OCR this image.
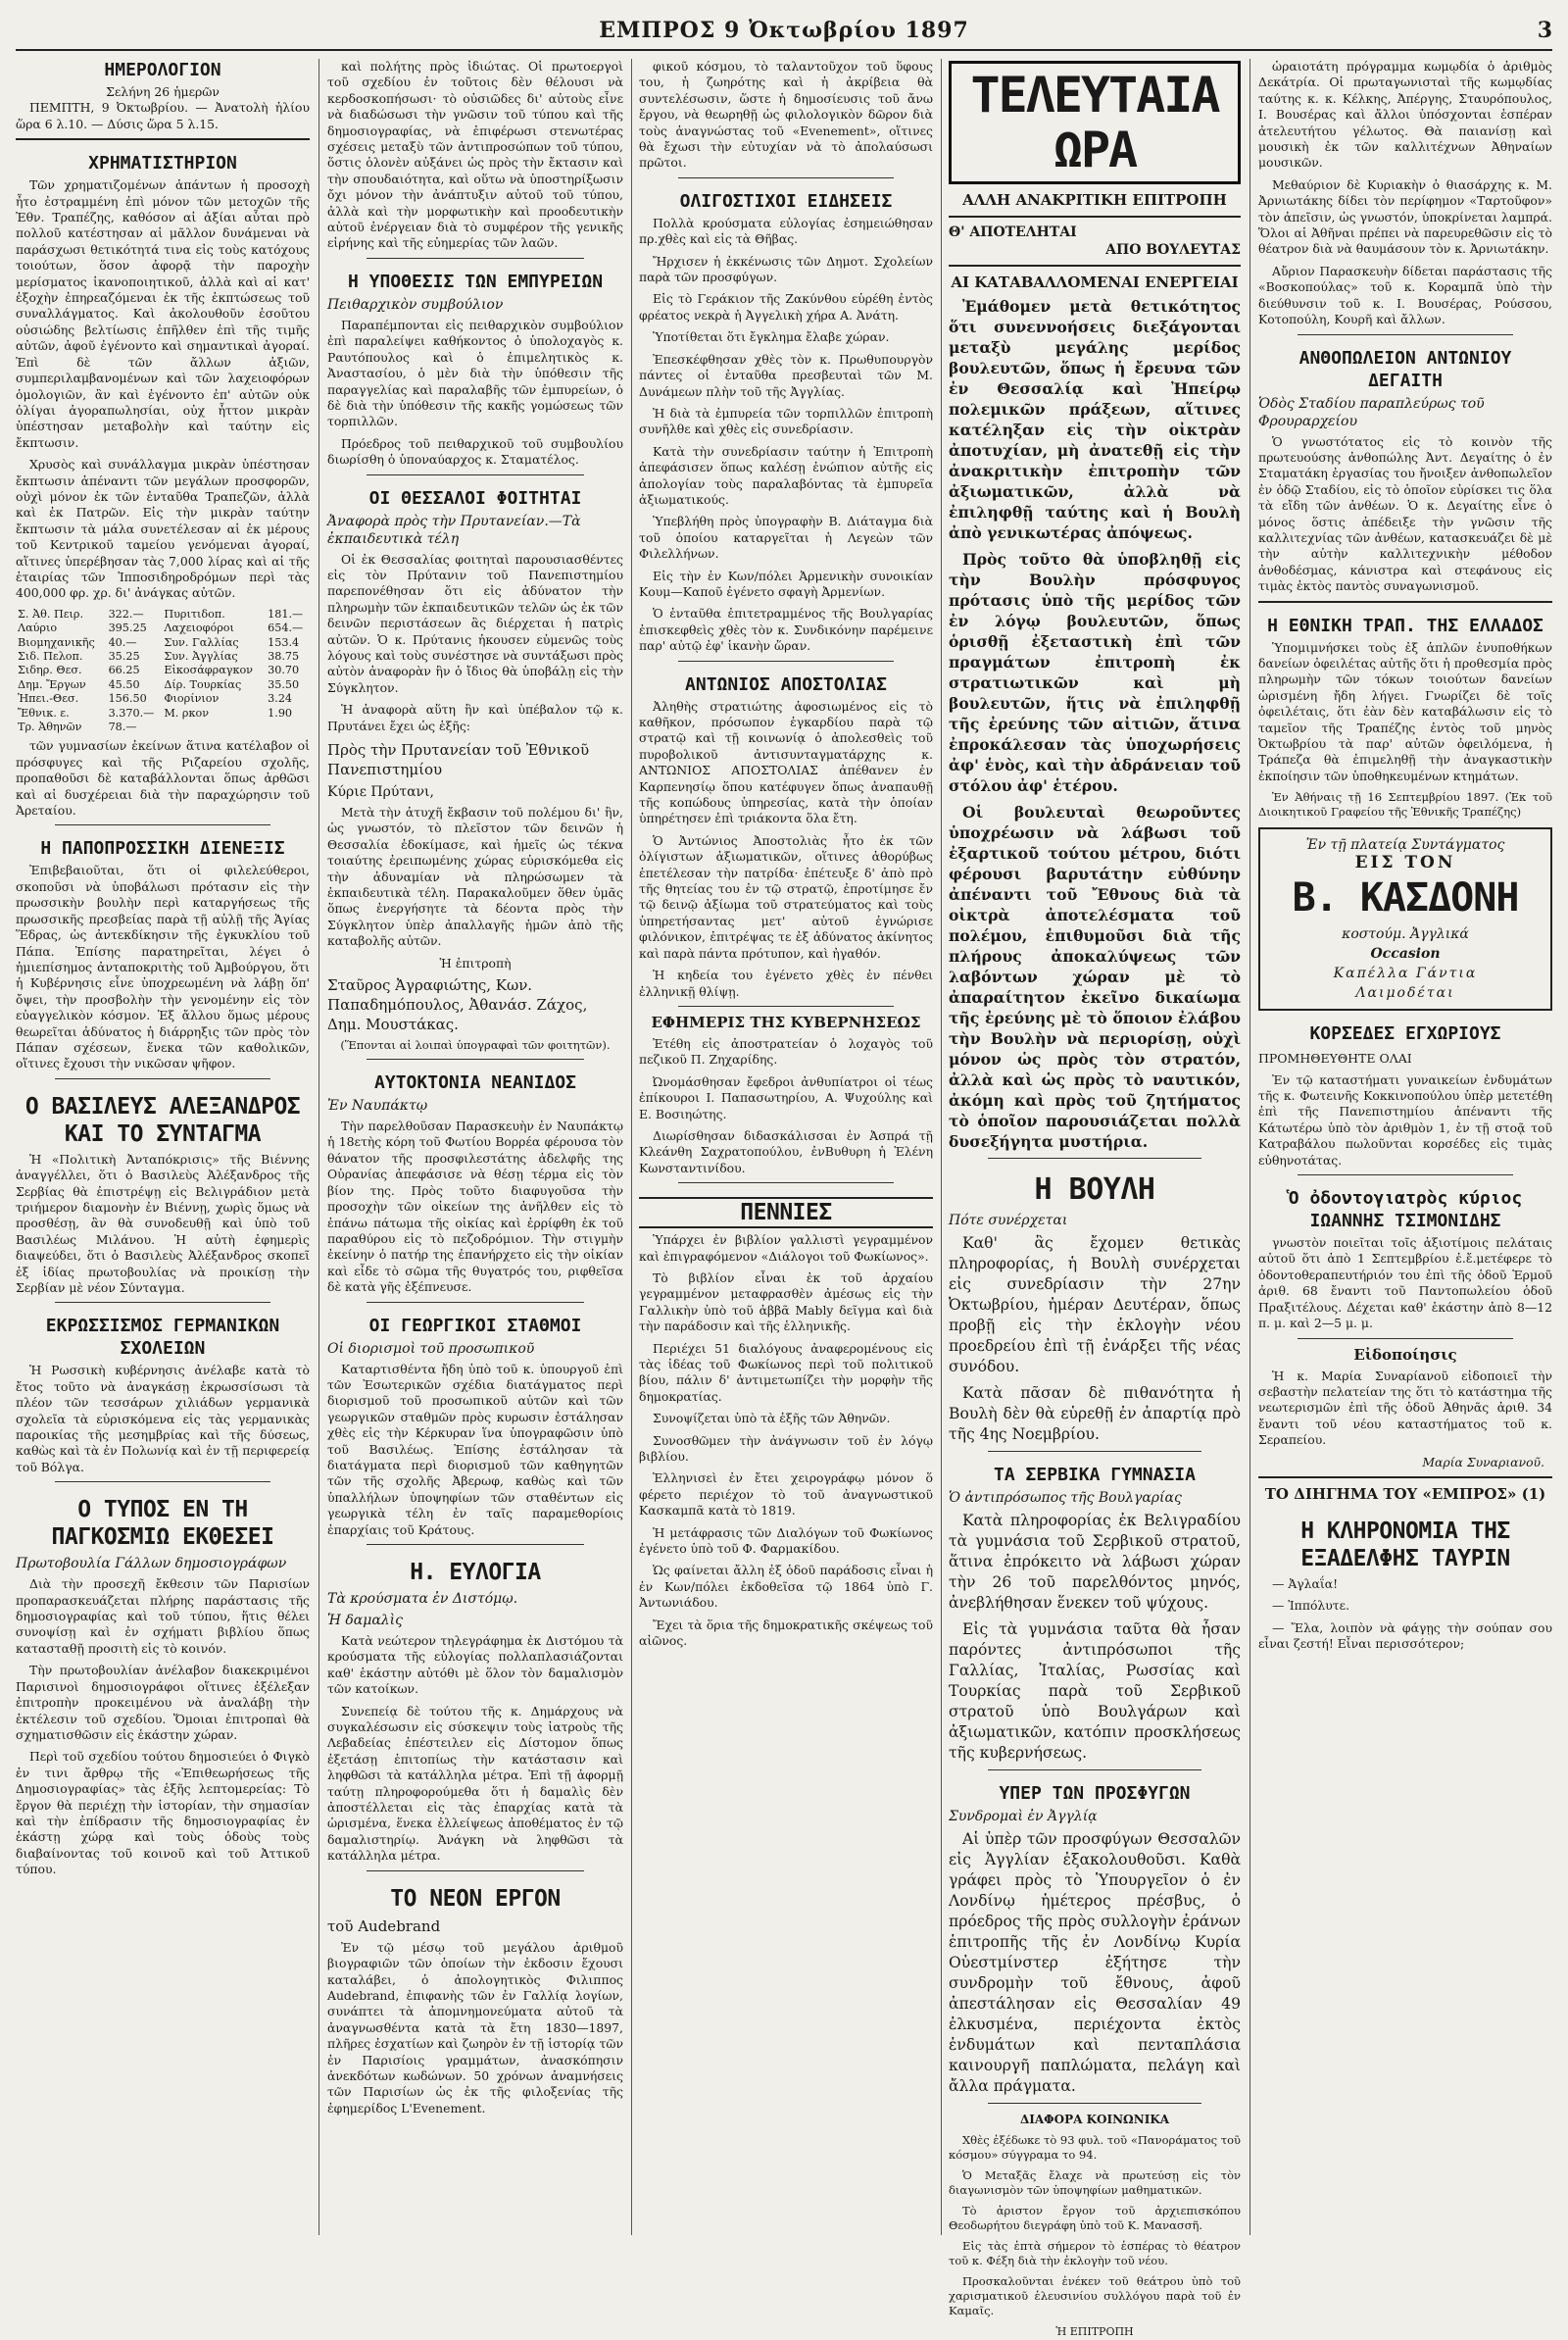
ΕΜΠΡΟΣ 9 Ὀκτωβρίου 1897	3
ΗΜΕΡΟΛΟΓΙΟΝ
Σελήνη 26 ἡμερῶν

ΠΕΜΠΤΗ, 9 Ὀκτωβρίου. — Ἀνατολὴ ἡλίου ὥρα 6 λ.10. — Δύσις ὥρα 5 λ.15.

ΧΡΗΜΑΤΙΣΤΗΡΙΟΝ

Τῶν χρηματιζομένων ἁπάντων ἡ προσοχὴ ἦτο ἐστραμμένη ἐπὶ μόνον τῶν μετοχῶν τῆς Ἐθν. Τραπέζης, καθόσον αἱ ἀξίαι αὗται πρὸ πολλοῦ κατέστησαν αἱ μᾶλλον δυνάμεναι νὰ παράσχωσι θετικότητά τινα εἰς τοὺς κατόχους τοιούτων, ὅσον ἀφορᾷ τὴν παροχὴν μερίσματος ἱκανοποιητικοῦ, ἀλλὰ καὶ αἱ κατ' ἐξοχὴν ἐπηρεαζόμεναι ἐκ τῆς ἐκπτώσεως τοῦ συναλλάγματος. Καὶ ἀκολουθοῦν ἐσοῦτου οὐσιώδης βελτίωσις ἐπῆλθεν ἐπὶ τῆς τιμῆς αὐτῶν, ἀφοῦ ἐγένοντο καὶ σημαντικαὶ ἀγοραί. Ἐπὶ δὲ τῶν ἄλλων ἀξιῶν, συμπεριλαμβανομένων καὶ τῶν λαχειοφόρων ὁμολογιῶν, ἂν καὶ ἐγένοντο ἐπ' αὐτῶν οὐκ ὀλίγαι ἀγοραπωλησίαι, οὐχ ἧττον μικρὰν ὑπέστησαν μεταβολὴν καὶ ταύτην εἰς ἔκπτωσιν.

Χρυσὸς καὶ συνάλλαγμα μικρὰν ὑπέστησαν ἔκπτωσιν ἀπέναντι τῶν μεγάλων προσφορῶν, οὐχὶ μόνον ἐκ τῶν ἐνταῦθα Τραπεζῶν, ἀλλὰ καὶ ἐκ Πατρῶν. Εἰς τὴν μικρὰν ταύτην ἔκπτωσιν τὰ μάλα συνετέλεσαν αἱ ἐκ μέρους τοῦ Κεντρικοῦ ταμείου γενόμεναι ἀγοραί, αἵτινες ὑπερέβησαν τὰς 7,000 λίρας καὶ αἱ τῆς ἑταιρίας τῶν Ἱπποσιδηροδρόμων περὶ τὰς 400,000 φρ. χρ. δι' ἀνάγκας αὐτῶν.

Σ. Ἀθ. Πειρ.	322.—	Πυριτιδοπ.	181.—
Λαύριο	395.25	Λαχειοφόροι	654.—
Βιομηχανικῆς	40.—	Συν. Γαλλίας	153.4
Σιδ. Πελοπ.	35.25	Συν. Ἀγγλίας	38.75
Σιδηρ. Θεσ.	66.25	Εἰκοσάφραγκον	30.70
Δημ. Ἔργων	45.50	Δίρ. Τουρκίας	35.50
Ἠπει.-Θεσ.	156.50	Φιορίνιον	3.24
Ἔθνικ. ε.	3.370.—	Μ. ρκον	1.90
Τρ. Ἀθηνῶν	78.—		

τῶν γυμνασίων ἐκείνων ἅτινα κατέλαβον οἱ πρόσφυγες καὶ τῆς Ριζαρείου σχολῆς, προπαθοῦσι δὲ καταβάλλονται ὅπως ἀρθῶσι καὶ αἱ δυσχέρειαι διὰ τὴν παραχώρησιν τοῦ Ἀρεταίου.

Η ΠΑΠΟΠΡΟΣΣΙΚΗ ΔΙΕΝΕΞΙΣ

Ἐπιβεβαιοῦται, ὅτι οἱ φιλελεύθεροι, σκοποῦσι νὰ ὑποβάλωσι πρότασιν εἰς τὴν πρωσσικὴν βουλὴν περὶ καταργήσεως τῆς πρωσσικῆς πρεσβείας παρὰ τῇ αὐλῇ τῆς Ἁγίας Ἕδρας, ὡς ἀντεκδίκησιν τῆς ἐγκυκλίου τοῦ Πάπα. Ἐπίσης παρατηρεῖται, λέγει ὁ ἡμιεπίσημος ἀνταποκριτὴς τοῦ Ἀμβούργου, ὅτι ἡ Κυβέρνησις εἶνε ὑποχρεωμένη νὰ λάβῃ ὅπ' ὄψει, τὴν προσβολὴν τὴν γενομένην εἰς τὸν εὐαγγελικὸν κόσμον. Ἐξ ἄλλου ὅμως μέρους θεωρεῖται ἀδύνατος ἡ διάρρηξις τῶν πρὸς τὸν Πάπαν σχέσεων, ἕνεκα τῶν καθολικῶν, οἵτινες ἔχουσι τὴν νικῶσαν ψῆφον.

Ο ΒΑΣΙΛΕΥΣ ΑΛΕΞΑΝΔΡΟΣ ΚΑΙ ΤΟ ΣΥΝΤΑΓΜΑ

Ἡ «Πολιτικὴ Ἀνταπόκρισις» τῆς Βιέννης ἀναγγέλλει, ὅτι ὁ Βασιλεὺς Ἀλέξανδρος τῆς Σερβίας θὰ ἐπιστρέψῃ εἰς Βελιγράδιον μετὰ τριήμερον διαμονὴν ἐν Βιέννῃ, χωρὶς ὅμως νὰ προσθέσῃ, ἂν θὰ συνοδευθῇ καὶ ὑπὸ τοῦ Βασιλέως Μιλάνου. Ἡ αὐτὴ ἐφημερὶς διαψεύδει, ὅτι ὁ Βασιλεὺς Ἀλέξανδρος σκοπεῖ ἐξ ἰδίας πρωτοβουλίας νὰ προικίσῃ τὴν Σερβίαν μὲ νέον Σύνταγμα.

ΕΚΡΩΣΣΙΣΜΟΣ ΓΕΡΜΑΝΙΚΩΝ ΣΧΟΛΕΙΩΝ

Ἡ Ρωσσικὴ κυβέρνησις ἀνέλαβε κατὰ τὸ ἔτος τοῦτο νὰ ἀναγκάσῃ ἐκρωσσίσωσι τὰ πλέον τῶν τεσσάρων χιλιάδων γερμανικὰ σχολεῖα τὰ εὑρισκόμενα εἰς τὰς γερμανικὰς παροικίας τῆς μεσημβρίας καὶ τῆς δύσεως, καθὼς καὶ τὰ ἐν Πολωνίᾳ καὶ ἐν τῇ περιφερείᾳ τοῦ Βόλγα.

Ο ΤΥΠΟΣ ΕΝ ΤΗ ΠΑΓΚΟΣΜΙΩ ΕΚΘΕΣΕΙ
Πρωτοβουλία Γάλλων δημοσιογράφων

Διὰ τὴν προσεχῆ ἔκθεσιν τῶν Παρισίων προπαρασκευάζεται πλήρης παράστασις τῆς δημοσιογραφίας καὶ τοῦ τύπου, ἥτις θέλει συνοψίσῃ καὶ ἐν σχήματι βιβλίου ὅπως κατασταθῇ προσιτὴ εἰς τὸ κοινόν.

Τὴν πρωτοβουλίαν ἀνέλαβον διακεκριμένοι Παρισινοὶ δημοσιογράφοι οἵτινες ἐξέλεξαν ἐπιτροπὴν προκειμένου νὰ ἀναλάβῃ τὴν ἐκτέλεσιν τοῦ σχεδίου. Ὅμοιαι ἐπιτροπαὶ θὰ σχηματισθῶσιν εἰς ἑκάστην χώραν.

Περὶ τοῦ σχεδίου τούτου δημοσιεύει ὁ Φιγκὸ ἐν τινι ἄρθρῳ τῆς «Ἐπιθεωρήσεως τῆς Δημοσιογραφίας» τὰς ἑξῆς λεπτομερείας: Τὸ ἔργον θὰ περιέχῃ τὴν ἱστορίαν, τὴν σημασίαν καὶ τὴν ἐπίδρασιν τῆς δημοσιογραφίας ἐν ἑκάστῃ χώρᾳ καὶ τοὺς ὁδοὺς τοὺς διαβαίνοντας τοῦ κοινοῦ καὶ τοῦ Ἀττικοῦ τύπου.

καὶ πολήτης πρὸς ἰδιώτας. Οἱ πρωτοεργοὶ τοῦ σχεδίου ἐν τοῦτοις δὲν θέλουσι νὰ κερδοσκοπήσωσι· τὸ οὐσιῶδες δι' αὐτοὺς εἶνε νὰ διαδώσωσι τὴν γνῶσιν τοῦ τύπου καὶ τῆς δημοσιογραφίας, νὰ ἐπιφέρωσι στενωτέρας σχέσεις μεταξὺ τῶν ἀντιπροσώπων τοῦ τύπου, ὅστις ὁλονὲν αὐξάνει ὡς πρὸς τὴν ἔκτασιν καὶ τὴν σπουδαιότητα, καὶ οὕτω νὰ ὑποστηρίξωσιν ὄχι μόνον τὴν ἀνάπτυξιν αὐτοῦ τοῦ τύπου, ἀλλὰ καὶ τὴν μορφωτικὴν καὶ προοδευτικὴν αὐτοῦ ἐνέργειαν διὰ τὸ συμφέρον τῆς γενικῆς εἰρήνης καὶ τῆς εὐημερίας τῶν λαῶν.

Η ΥΠΟΘΕΣΙΣ ΤΩΝ ΕΜΠΥΡΕΙΩΝ
Πειθαρχικὸν συμβούλιον

Παραπέμπονται εἰς πειθαρχικὸν συμβούλιον ἐπὶ παραλείψει καθήκοντος ὁ ὑπολοχαγὸς κ. Ραυτόπουλος καὶ ὁ ἐπιμελητικὸς κ. Ἀναστασίου, ὁ μὲν διὰ τὴν ὑπόθεσιν τῆς παραγγελίας καὶ παραλαβῆς τῶν ἐμπυρείων, ὁ δὲ διὰ τὴν ὑπόθεσιν τῆς κακῆς γομώσεως τῶν τορπιλλῶν.

Πρόεδρος τοῦ πειθαρχικοῦ τοῦ συμβουλίου διωρίσθη ὁ ὑποναύαρχος κ. Σταματέλος.

ΟΙ ΘΕΣΣΑΛΟΙ ΦΟΙΤΗΤΑΙ
Ἀναφορὰ πρὸς τὴν Πρυτανείαν.—Τὰ ἐκπαιδευτικὰ τέλη

Οἱ ἐκ Θεσσαλίας φοιτηταὶ παρουσιασθέντες εἰς τὸν Πρύτανιν τοῦ Πανεπιστημίου παρεπονέθησαν ὅτι εἰς ἀδύνατον τὴν πληρωμὴν τῶν ἐκπαιδευτικῶν τελῶν ὡς ἐκ τῶν δεινῶν περιστάσεων ἃς διέρχεται ἡ πατρὶς αὐτῶν. Ὁ κ. Πρύτανις ἠκουσεν εὐμενῶς τοὺς λόγους καὶ τοὺς συνέστησε νὰ συντάξωσι πρὸς αὐτὸν ἀναφορὰν ἣν ὁ ἴδιος θὰ ὑποβάλῃ εἰς τὴν Σύγκλητον.

Ἡ ἀναφορὰ αὕτη ἣν καὶ ὑπέβαλον τῷ κ. Πρυτάνει ἔχει ὡς ἑξῆς:

Πρὸς τὴν Πρυτανείαν τοῦ Ἐθνικοῦ Πανεπιστημίου
Κύριε Πρύτανι,

Μετὰ τὴν ἀτυχῆ ἔκβασιν τοῦ πολέμου δι' ἣν, ὡς γνωστόν, τὸ πλεῖστον τῶν δεινῶν ἡ Θεσσαλία ἐδοκίμασε, καὶ ἡμεῖς ὡς τέκνα τοιαύτης ἐρειπωμένης χώρας εὑρισκόμεθα εἰς τὴν ἀδυναμίαν νὰ πληρώσωμεν τὰ ἐκπαιδευτικὰ τέλη. Παρακαλοῦμεν ὅθεν ὑμᾶς ὅπως ἐνεργήσητε τὰ δέοντα πρὸς τὴν Σύγκλητον ὑπὲρ ἀπαλλαγῆς ἡμῶν ἀπὸ τῆς καταβολῆς αὐτῶν.

Ἡ ἐπιτροπὴ
Σταῦρος Ἀγραφιώτης, Κων. Παπαδημόπουλος, Ἀθανάσ. Ζάχος, Δημ. Μουστάκας.
(Ἕπονται αἱ λοιπαὶ ὑπογραφαὶ τῶν φοιτητῶν).
ΑΥΤΟΚΤΟΝΙΑ ΝΕΑΝΙΔΟΣ
Ἐν Ναυπάκτῳ

Τὴν παρελθοῦσαν Παρασκευὴν ἐν Ναυπάκτῳ ἡ 18ετὴς κόρη τοῦ Φωτίου Βορρέα φέρουσα τὸν θάνατον τῆς προσφιλεστάτης ἀδελφῆς της Οὐρανίας ἀπεφάσισε νὰ θέσῃ τέρμα εἰς τὸν βίον της. Πρὸς τοῦτο διαφυγοῦσα τὴν προσοχὴν τῶν οἰκείων της ἀνῆλθεν εἰς τὸ ἐπάνω πάτωμα τῆς οἰκίας καὶ ἐρρίφθη ἐκ τοῦ παραθύρου εἰς τὸ πεζοδρόμιον. Τὴν στιγμὴν ἐκείνην ὁ πατήρ της ἐπανήρχετο εἰς τὴν οἰκίαν καὶ εἶδε τὸ σῶμα τῆς θυγατρός του, ριφθεῖσα δὲ κατὰ γῆς ἐξέπνευσε.

ΟΙ ΓΕΩΡΓΙΚΟΙ ΣΤΑΘΜΟΙ
Οἱ διορισμοὶ τοῦ προσωπικοῦ

Καταρτισθέντα ἤδη ὑπὸ τοῦ κ. ὑπουργοῦ ἐπὶ τῶν Ἐσωτερικῶν σχέδια διατάγματος περὶ διορισμοῦ τοῦ προσωπικοῦ αὐτῶν καὶ τῶν γεωργικῶν σταθμῶν πρὸς κυρωσιν ἐστάλησαν χθὲς εἰς τὴν Κέρκυραν ἵνα ὑπογραφῶσιν ὑπὸ τοῦ Βασιλέως. Ἐπίσης ἐστάλησαν τὰ διατάγματα περὶ διορισμοῦ τῶν καθηγητῶν τῶν τῆς σχολῆς Ἀβερωφ, καθὼς καὶ τῶν ὑπαλλήλων ὑποψηφίων τῶν σταθέντων εἰς γεωργικὰ τέλη ἐν ταῖς παραμεθορίοις ἐπαρχίαις τοῦ Κράτους.

Η. ΕΥΛΟΓΙΑ
Τὰ κρούσματα ἐν Διστόμῳ.
Ἡ δαμαλὶς

Κατὰ νεώτερον τηλεγράφημα ἐκ Διστόμου τὰ κρούσματα τῆς εὐλογίας πολλαπλασιάζονται καθ' ἑκάστην αὐτόθι μὲ ὅλον τὸν δαμαλισμὸν τῶν κατοίκων.

Συνεπείᾳ δὲ τούτου τῆς κ. Δημάρχους νὰ συγκαλέσωσιν εἰς σύσκεψιν τοὺς ἰατροὺς τῆς Λεβαδείας ἐπέστειλεν εἰς Δίστομον ὅπως ἐξετάσῃ ἐπιτοπίως τὴν κατάστασιν καὶ ληφθῶσι τὰ κατάλληλα μέτρα. Ἐπὶ τῇ ἀφορμῇ ταύτῃ πληροφορούμεθα ὅτι ἡ δαμαλὶς δὲν ἀποστέλλεται εἰς τὰς ἐπαρχίας κατὰ τὰ ὡρισμένα, ἕνεκα ἐλλείψεως ἀποθέματος ἐν τῷ δαμαλιστηρίῳ. Ἀνάγκη νὰ ληφθῶσι τὰ κατάλληλα μέτρα.

ΤΟ ΝΕΟΝ ΕΡΓΟΝ
τοῦ Audebrand

Ἐν τῷ μέσῳ τοῦ μεγάλου ἀριθμοῦ βιογραφιῶν τῶν ὁποίων τὴν ἐκδοσιν ἔχουσι καταλάβει, ὁ ἀπολογητικὸς Φιλιππος Audebrand, ἐπιφανὴς τῶν ἐν Γαλλίᾳ λογίων, συνάπτει τὰ ἀπομνημονεύματα αὐτοῦ τὰ ἀναγνωσθέντα κατὰ τὰ ἔτη 1830—1897, πλῆρες ἐσχατίων καὶ ζωηρὸν ἐν τῇ ἱστορίᾳ τῶν ἐν Παρισίοις γραμμάτων, ἀνασκόπησιν ἀνεκδότων κωδώνων. 50 χρόνων ἀναμνήσεις τῶν Παρισίων ὡς ἐκ τῆς φιλοξενίας τῆς ἐφημερίδος L'Evenement.

φικοῦ κόσμου, τὸ ταλαντοῦχον τοῦ ὕφους του, ἡ ζωηρότης καὶ ἡ ἀκρίβεια θὰ συντελέσωσιν, ὥστε ἡ δημοσίευσις τοῦ ἄνω ἔργου, νὰ θεωρηθῇ ὡς φιλολογικὸν δῶρον διὰ τοὺς ἀναγνώστας τοῦ «Evenement», οἵτινες θὰ ἔχωσι τὴν εὐτυχίαν νὰ τὸ ἀπολαύσωσι πρῶτοι.

ΟΛΙΓΟΣΤΙΧΟΙ ΕΙΔΗΣΕΙΣ

Πολλὰ κρούσματα εὐλογίας ἐσημειώθησαν πρ.χθὲς καὶ εἰς τὰ Θῆβας.

Ἤρχισεν ἡ ἐκκένωσις τῶν Δημοτ. Σχολείων παρὰ τῶν προσφύγων.

Εἰς τὸ Γεράκιον τῆς Ζακύνθου εὑρέθη ἐντὸς φρέατος νεκρὰ ἡ Ἀγγελικὴ χήρα Α. Ἀνάτη.

Ὑποτίθεται ὅτι ἔγκλημα ἔλαβε χώραν.

Ἐπεσκέφθησαν χθὲς τὸν κ. Πρωθυπουργὸν πάντες οἱ ἐνταῦθα πρεσβευταὶ τῶν Μ. Δυνάμεων πλὴν τοῦ τῆς Ἀγγλίας.

Ἡ διὰ τὰ ἐμπυρεία τῶν τορπιλλῶν ἐπιτροπὴ συνῆλθε καὶ χθὲς εἰς συνεδρίασιν.

Κατὰ τὴν συνεδρίασιν ταύτην ἡ Ἐπιτροπὴ ἀπεφάσισεν ὅπως καλέσῃ ἐνώπιον αὐτῆς εἰς ἀπολογίαν τοὺς παραλαβόντας τὰ ἐμπυρεῖα ἀξιωματικούς.

Ὑπεβλήθη πρὸς ὑπογραφὴν Β. Διάταγμα διὰ τοῦ ὁποίου καταργεῖται ἡ Λεγεὼν τῶν Φιλελλήνων.

Εἰς τὴν ἐν Κων/πόλει Ἀρμενικὴν συνοικίαν Κουμ—Καποῦ ἐγένετο σφαγὴ Ἀρμενίων.

Ὁ ἐνταῦθα ἐπιτετραμμένος τῆς Βουλγαρίας ἐπισκεφθεὶς χθὲς τὸν κ. Συνδικόνην παρέμεινε παρ' αὐτῷ ἐφ' ἱκανὴν ὥραν.

ΑΝΤΩΝΙΟΣ ΑΠΟΣΤΟΛΙΑΣ

Ἀληθὴς στρατιώτης ἀφοσιωμένος εἰς τὸ καθῆκον, πρόσωπον ἐγκαρδίου παρὰ τῷ στρατῷ καὶ τῇ κοινωνίᾳ ὁ ἀπολεσθεὶς τοῦ πυροβολικοῦ ἀντισυνταγματάρχης κ. ΑΝΤΩΝΙΟΣ ΑΠΟΣΤΟΛΙΑΣ ἀπέθανεν ἐν Καρπενησίῳ ὅπου κατέφυγεν ὅπως ἀναπαυθῇ τῆς κοπώδους ὑπηρεσίας, κατὰ τὴν ὁποίαν ὑπηρέτησεν ἐπὶ τριάκοντα ὅλα ἔτη.

Ὁ Ἀντώνιος Ἀποστολιὰς ἦτο ἐκ τῶν ὀλίγιστων ἀξιωματικῶν, οἵτινες ἀθορύβως ἐπετέλεσαν τὴν πατρίδα· ἐπέτευξε δ' ἀπὸ πρὸ τῆς θητείας του ἐν τῷ στρατῷ, ἐπροτίμησε ἔν τῷ δεινῷ ἀξίωμα τοῦ στρατεύματος καὶ τοὺς ὑπηρετήσαντας μετ' αὐτοῦ ἐγνώρισε φιλόνικον, ἐπιτρέψας τε ἐξ ἀδύνατος ἀκίνητος καὶ παρὰ πάντα πρότυπον, καὶ ἠγαθόν.

Ἡ κηδεία του ἐγένετο χθὲς ἐν πένθει ἐλληνικῇ θλίψῃ.

ΕΦΗΜΕΡΙΣ ΤΗΣ ΚΥΒΕΡΝΗΣΕΩΣ

Ἐτέθη εἰς ἀποστρατείαν ὁ λοχαγὸς τοῦ πεζικοῦ Π. Ζηχαρίδης.

Ὠνομάσθησαν ἔφεδροι ἀνθυπίατροι οἱ τέως ἐπίκουροι Ι. Παπασωτηρίου, Α. Ψυχούλης καὶ Ε. Βοσιηώτης.

Διωρίσθησαν διδασκάλισσαι ἐν Ἀσπρά τῇ Κλεάνθη Σαχρατοπούλου, ἐνΒυθυρη ἡ Ἑλένη Κωνσταντινίδου.

ΠΕΝΝΙΕΣ

Ὑπάρχει ἐν βιβλίον γαλλιστὶ γεγραμμένον καὶ ἐπιγραφόμενον «Διάλογοι τοῦ Φωκίωνος».

Τὸ βιβλίον εἶναι ἐκ τοῦ ἀρχαίου γεγραμμένον μεταφρασθὲν ἀμέσως εἰς τὴν Γαλλικὴν ὑπὸ τοῦ ἀββᾶ Mably δεῖγμα καὶ διὰ τὴν παράδοσιν καὶ τῆς ἑλληνικῆς.

Περιέχει 51 διαλόγους ἀναφερομένους εἰς τὰς ἰδέας τοῦ Φωκίωνος περὶ τοῦ πολιτικοῦ βίου, πάλιν δ' ἀντιμετωπίζει τὴν μορφὴν τῆς δημοκρατίας.

Συνοψίζεται ὑπὸ τὰ ἐξῆς τῶν Ἀθηνῶν.

Συνοσθῶμεν τὴν ἀνάγνωσιν τοῦ ἐν λόγῳ βιβλίου.

Ἑλληνισεὶ ἐν ἔτει χειρογράφῳ μόνον ὅ φέρετο περιέχον τὸ τοῦ ἀναγνωστικοῦ Κασκαμπᾶ κατὰ τὸ 1819.

Ἡ μετάφρασις τῶν Διαλόγων τοῦ Φωκίωνος ἐγένετο ὑπὸ τοῦ Φ. Φαρμακίδου.

Ὡς φαίνεται ἄλλη ἐξ ὁδοῦ παράδοσις εἶναι ἡ ἐν Κων/πόλει ἐκδοθεῖσα τῷ 1864 ὑπὸ Γ. Ἀντωνιάδου.

Ἔχει τὰ ὅρια τῆς δημοκρατικῆς σκέψεως τοῦ αἰῶνος.

ΤΕΛΕΥΤΑΙΑ ΩΡΑ
ΑΛΛΗ ΑΝΑΚΡΙΤΙΚΗ ΕΠΙΤΡΟΠΗ
Θ' ΑΠΟΤΕΛΗΤΑΙ
ΑΠΟ ΒΟΥΛΕΥΤΑΣ
ΑΙ ΚΑΤΑΒΑΛΛΟΜΕΝΑΙ ΕΝΕΡΓΕΙΑΙ

Ἐμάθομεν μετὰ θετικότητος ὅτι συνεννοήσεις διεξάγονται μεταξὺ μεγάλης μερίδος βουλευτῶν, ὅπως ἡ ἔρευνα τῶν ἐν Θεσσαλίᾳ καὶ Ἠπείρῳ πολεμικῶν πράξεων, αἵτινες κατέληξαν εἰς τὴν οἰκτρὰν ἀποτυχίαν, μὴ ἀνατεθῇ εἰς τὴν ἀνακριτικὴν ἐπιτροπὴν τῶν ἀξιωματικῶν, ἀλλὰ νὰ ἐπιληφθῇ ταύτης καὶ ἡ Βουλὴ ἀπὸ γενικωτέρας ἀπόψεως.

Πρὸς τοῦτο θὰ ὑποβληθῇ εἰς τὴν Βουλὴν πρόσφυγος πρότασις ὑπὸ τῆς μερίδος τῶν ἐν λόγῳ βουλευτῶν, ὅπως ὁρισθῇ ἐξεταστικὴ ἐπὶ τῶν πραγμάτων ἐπιτροπὴ ἐκ στρατιωτικῶν καὶ μὴ βουλευτῶν, ἥτις νὰ ἐπιληφθῇ τῆς ἐρεύνης τῶν αἰτιῶν, ἅτινα ἐπροκάλεσαν τὰς ὑποχωρήσεις ἀφ' ἑνὸς, καὶ τὴν ἀδράνειαν τοῦ στόλου ἀφ' ἑτέρου.

Οἱ βουλευταὶ θεωροῦντες ὑποχρέωσιν νὰ λάβωσι τοῦ ἐξαρτικοῦ τούτου μέτρου, διότι φέρουσι βαρυτάτην εὐθύνην ἀπέναντι τοῦ Ἔθνους διὰ τὰ οἰκτρὰ ἀποτελέσματα τοῦ πολέμου, ἐπιθυμοῦσι διὰ τῆς πλήρους ἀποκαλύψεως τῶν λαβόντων χώραν μὲ τὸ ἀπαραίτητον ἐκεῖνο δικαίωμα τῆς ἐρεύνης μὲ τὸ ὅποιον ἐλάβου τὴν Βουλὴν νὰ περιορίσῃ, οὐχὶ μόνον ὡς πρὸς τὸν στρατόν, ἀλλὰ καὶ ὡς πρὸς τὸ ναυτικόν, ἀκόμη καὶ πρὸς τοῦ ζητήματος τὸ ὁποῖον παρουσιάζεται πολλὰ δυσεξήγητα μυστήρια.

Η ΒΟΥΛΗ
Πότε συνέρχεται

Καθ' ἃς ἔχομεν θετικὰς πληροφορίας, ἡ Βουλὴ συνέρχεται εἰς συνεδρίασιν τὴν 27ην Ὀκτωβρίου, ἡμέραν Δευτέραν, ὅπως προβῇ εἰς τὴν ἐκλογὴν νέου προεδρείου ἐπὶ τῇ ἐνάρξει τῆς νέας συνόδου.

Κατὰ πᾶσαν δὲ πιθανότητα ἡ Βουλὴ δὲν θὰ εὑρεθῇ ἐν ἀπαρτίᾳ πρὸ τῆς 4ης Νοεμβρίου.

ΤΑ ΣΕΡΒΙΚΑ ΓΥΜΝΑΣΙΑ
Ὁ ἀντιπρόσωπος τῆς Βουλγαρίας

Κατὰ πληροφορίας ἐκ Βελιγραδίου τὰ γυμνάσια τοῦ Σερβικοῦ στρατοῦ, ἅτινα ἐπρόκειτο νὰ λάβωσι χώραν τὴν 26 τοῦ παρελθόντος μηνός, ἀνεβλήθησαν ἕνεκεν τοῦ ψύχους.

Εἰς τὰ γυμνάσια ταῦτα θὰ ἦσαν παρόντες ἀντιπρόσωποι τῆς Γαλλίας, Ἰταλίας, Ρωσσίας καὶ Τουρκίας παρὰ τοῦ Σερβικοῦ στρατοῦ ὑπὸ Βουλγάρων καὶ ἀξιωματικῶν, κατόπιν προσκλήσεως τῆς κυβερνήσεως.

ΥΠΕΡ ΤΩΝ ΠΡΟΣΦΥΓΩΝ
Συνδρομαὶ ἐν Ἀγγλίᾳ

Αἱ ὑπὲρ τῶν προσφύγων Θεσσαλῶν εἰς Ἀγγλίαν ἐξακολουθοῦσι. Καθὰ γράφει πρὸς τὸ Ὑπουργεῖον ὁ ἐν Λονδίνῳ ἡμέτερος πρέσβυς, ὁ πρόεδρος τῆς πρὸς συλλογὴν ἐράνων ἐπιτροπῆς τῆς ἐν Λονδίνῳ Κυρία Οὐεστμίνστερ ἐξήτησε τὴν συνδρομὴν τοῦ ἔθνους, ἀφοῦ ἀπεστάλησαν εἰς Θεσσαλίαν 49 ἐλκυσμένα, περιέχοντα ἐκτὸς ἐνδυμάτων καὶ πενταπλάσια καινουργῆ παπλώματα, πελάγη καὶ ἄλλα πράγματα.

ΔΙΑΦΟΡΑ ΚΟΙΝΩΝΙΚΑ

Χθὲς ἐξέδωκε τὸ 93 φυλ. τοῦ «Πανοράματος τοῦ κόσμου» σύγγραμα το 94.

Ὁ Μεταξᾶς ἔλαχε νὰ πρωτεύσῃ εἰς τὸν διαγωνισμὸν τῶν ὑποψηφίων μαθηματικῶν.

Τὸ ἀριστον ἔργον τοῦ ἀρχιεπισκόπου Θεοδωρήτου διεγράφη ὑπὸ τοῦ Κ. Μανασσῆ.

Εἰς τὰς ἑπτὰ σήμερον τὸ ἑσπέρας τὸ θέατρον τοῦ κ. Φέξη διὰ τὴν ἐκλογὴν τοῦ νέου.

Προσκαλοῦνται ἐνέκεν τοῦ θεάτρου ὑπὸ τοῦ χαρισματικοῦ ἐλευσινίου συλλόγου παρὰ τοῦ ἐν Καμαῖς.

Ἡ ΕΠΙΤΡΟΠΗ

ὡραιοτάτη πρόγραμμα κωμῳδία ὁ ἀριθμὸς Δεκάτρία. Οἱ πρωταγωνισταὶ τῆς κωμῳδίας ταύτης κ. κ. Κέλκης, Ἀπέργης, Σταυρόπουλος, Ι. Βουσέρας καὶ ἄλλοι ὑπόσχονται ἑσπέραν ἀτελευτήτου γέλωτος. Θὰ παιανίσῃ καὶ μουσικὴ ἐκ τῶν καλλιτέχνων Ἀθηναίων μουσικῶν.

Μεθαύριον δὲ Κυριακὴν ὁ θιασάρχης κ. Μ. Ἀρνιωτάκης δίδει τὸν περίφημον «Ταρτοῦφον» τὸν ἀπεῖσιν, ὡς γνωστόν, ὑποκρίνεται λαμπρά. Ὅλοι αἱ Ἀθῆναι πρέπει νὰ παρευρεθῶσιν εἰς τὸ θέατρον διὰ νὰ θαυμάσουν τὸν κ. Ἀρνιωτάκην.

Αὔριον Παρασκευὴν δίδεται παράστασις τῆς «Βοσκοπούλας» τοῦ κ. Κοραμπᾶ ὑπὸ τὴν διεύθυνσιν τοῦ κ. Ι. Βουσέρας, Ρούσσου, Κοτοπούλη, Κουρῆ καὶ ἄλλων.

ΑΝΘΟΠΩΛΕΙΟΝ ΑΝΤΩΝΙΟΥ ΔΕΓΑΙΤΗ
Ὁδὸς Σταδίου παραπλεύρως τοῦ Φρουραρχείου

Ὁ γνωστότατος εἰς τὸ κοινὸν τῆς πρωτευούσης ἀνθοπώλης Ἀντ. Δεγαίτης ὁ ἐν Σταματάκη ἐργασίας του ἤνοιξεν ἀνθοπωλεῖον ἐν ὁδῷ Σταδίου, εἰς τὸ ὁποῖον εὑρίσκει τις ὅλα τὰ εἴδη τῶν ἀνθέων. Ὁ κ. Δεγαίτης εἶνε ὁ μόνος ὅστις ἀπέδειξε τὴν γνῶσιν τῆς καλλιτεχνίας τῶν ἀνθέων, κατασκευάζει δὲ μὲ τὴν αὐτὴν καλλιτεχνικὴν μέθοδον ἀνθοδέσμας, κάνιστρα καὶ στεφάνους εἰς τιμὰς ἐκτὸς παντὸς συναγωνισμοῦ.

Η ΕΘΝΙΚΗ ΤΡΑΠ. ΤΗΣ ΕΛΛΑΔΟΣ

Ὑπομιμνήσκει τοὺς ἐξ ἁπλῶν ἐνυποθήκων δανείων ὀφειλέτας αὐτῆς ὅτι ἡ προθεσμία πρὸς πληρωμὴν τῶν τόκων τοιούτων δανείων ὡρισμένη ἤδη λήγει. Γνωρίζει δὲ τοῖς ὀφειλέταις, ὅτι ἐὰν δὲν καταβάλωσιν εἰς τὸ ταμεῖον τῆς Τραπέζης ἐντὸς τοῦ μηνὸς Ὀκτωβρίου τὰ παρ' αὐτῶν ὀφειλόμενα, ἡ Τράπεζα θὰ ἐπιμεληθῇ τὴν ἀναγκαστικὴν ἐκποίησιν τῶν ὑποθηκευμένων κτημάτων.

Ἐν Ἀθήναις τῇ 16 Σεπτεμβρίου 1897. (Ἐκ τοῦ Διοικητικοῦ Γραφείου τῆς Ἐθνικῆς Τραπέζης)

Ἐν τῇ πλατείᾳ Συντάγματος
ΕΙΣ ΤΟΝ
Β. ΚΑΣΔΟΝΗ
κοστούμ. Ἀγγλικά
Occasion
Καπέλλα Γάντια
Λαιμοδέται
ΚΟΡΣΕΔΕΣ ΕΓΧΩΡΙΟΥΣ
ΠΡΟΜΗΘΕΥΘΗΤΕ ΟΛΑΙ

Ἐν τῷ καταστήματι γυναικείων ἐνδυμάτων τῆς κ. Φωτεινῆς Κοκκινοπούλου ὑπὲρ μετετέθη ἐπὶ τῆς Πανεπιστημίου ἀπέναντι τῆς Κάτωτέρω ὑπὸ τὸν ἀριθμὸν 1, ἐν τῇ στοᾷ τοῦ Κατραβάλου πωλοῦνται κορσέδες εἰς τιμὰς εὐθηνοτάτας.

Ὁ ὀδοντογιατρὸς κύριος ΙΩΑΝΝΗΣ ΤΣΙΜΟΝΙΔΗΣ

γνωστὸν ποιεῖται τοῖς ἀξιοτίμοις πελάταις αὐτοῦ ὅτι ἀπὸ 1 Σεπτεμβρίου ἐ.ἔ.μετέφερε τὸ ὀδοντοθεραπευτήριόν του ἐπὶ τῆς ὁδοῦ Ἑρμοῦ ἀριθ. 68 ἔναντι τοῦ Παντοπωλείου ὁδοῦ Πραξιτέλους. Δέχεται καθ' ἑκάστην ἀπὸ 8—12 π. μ. καὶ 2—5 μ. μ.

Εἰδοποίησις

Ἡ κ. Μαρία Συναρίανοῦ εἰδοποιεῖ τὴν σεβαστὴν πελατείαν της ὅτι τὸ κατάστημα τῆς νεωτερισμῶν ἐπὶ τῆς ὁδοῦ Ἀθηνᾶς ἀριθ. 34 ἔναντι τοῦ νέου καταστήματος τοῦ κ. Σεραπείου.

Μαρία Συναριανοῦ.
ΤΟ ΔΙΗΓΗΜΑ ΤΟΥ «ΕΜΠΡΟΣ» (1)
Η ΚΛΗΡΟΝΟΜΙΑ ΤΗΣ ΕΞΑΔΕΛΦΗΣ ΤΑΥΡΙΝ

— Ἀγλαΐα!

— Ἱππόλυτε.

— Ἔλα, λοιπὸν νὰ φάγῃς τὴν σούπαν σου εἶναι ζεστή! Εἶναι περισσότερον;
